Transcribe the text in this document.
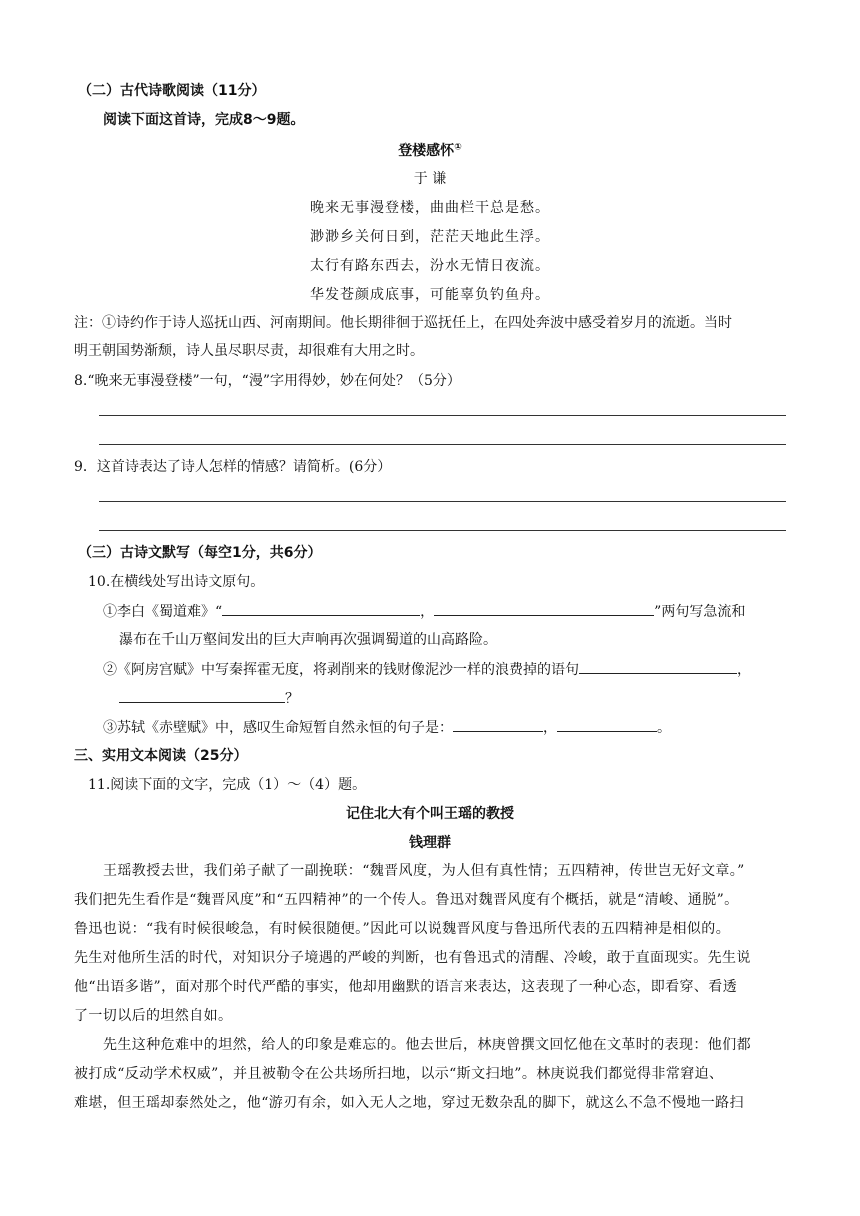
（二）古代诗歌阅读（11分）
阅读下面这首诗，完成8～9题。
登楼感怀①
于 谦
晚来无事漫登楼，曲曲栏干总是愁。
渺渺乡关何日到，茫茫天地此生浮。
太行有路东西去，汾水无情日夜流。
华发苍颜成底事，可能辜负钓鱼舟。
注：①诗约作于诗人巡抚山西、河南期间。他长期徘徊于巡抚任上，在四处奔波中感受着岁月的流逝。当时
明王朝国势渐颓，诗人虽尽职尽责，却很难有大用之时。
8.“晚来无事漫登楼”一句，“漫”字用得妙，妙在何处？（5分）
9．这首诗表达了诗人怎样的情感？请简析。(6分）
（三）古诗文默写（每空1分，共6分）
10.在横线处写出诗文原句。
①李白《蜀道难》“	，	”两句写急流和
瀑布在千山万壑间发出的巨大声响再次强调蜀道的山高路险。
②《阿房宫赋》中写秦挥霍无度，将剥削来的钱财像泥沙一样的浪费掉的语句	，
？
③苏轼《赤壁赋》中，感叹生命短暂自然永恒的句子是：	，	。
三、实用文本阅读（25分）
11.阅读下面的文字，完成（1）～（4）题。
记住北大有个叫王瑶的教授
钱理群
王瑶教授去世，我们弟子献了一副挽联：“魏晋风度，为人但有真性情；五四精神，传世岂无好文章。”
我们把先生看作是“魏晋风度”和“五四精神”的一个传人。鲁迅对魏晋风度有个概括，就是“清峻、通脱”。
鲁迅也说：“我有时候很峻急，有时候很随便。”因此可以说魏晋风度与鲁迅所代表的五四精神是相似的。
先生对他所生活的时代，对知识分子境遇的严峻的判断，也有鲁迅式的清醒、冷峻，敢于直面现实。先生说
他“出语多谐”，面对那个时代严酷的事实，他却用幽默的语言来表达，这表现了一种心态，即看穿、看透
了一切以后的坦然自如。
先生这种危难中的坦然，给人的印象是难忘的。他去世后，林庚曾撰文回忆他在文革时的表现：他们都
被打成“反动学术权威”，并且被勒令在公共场所扫地，以示“斯文扫地”。林庚说我们都觉得非常窘迫、
难堪，但王瑶却泰然处之，他“游刃有余，如入无人之地，穿过无数杂乱的脚下，就这么不急不慢地一路扫
